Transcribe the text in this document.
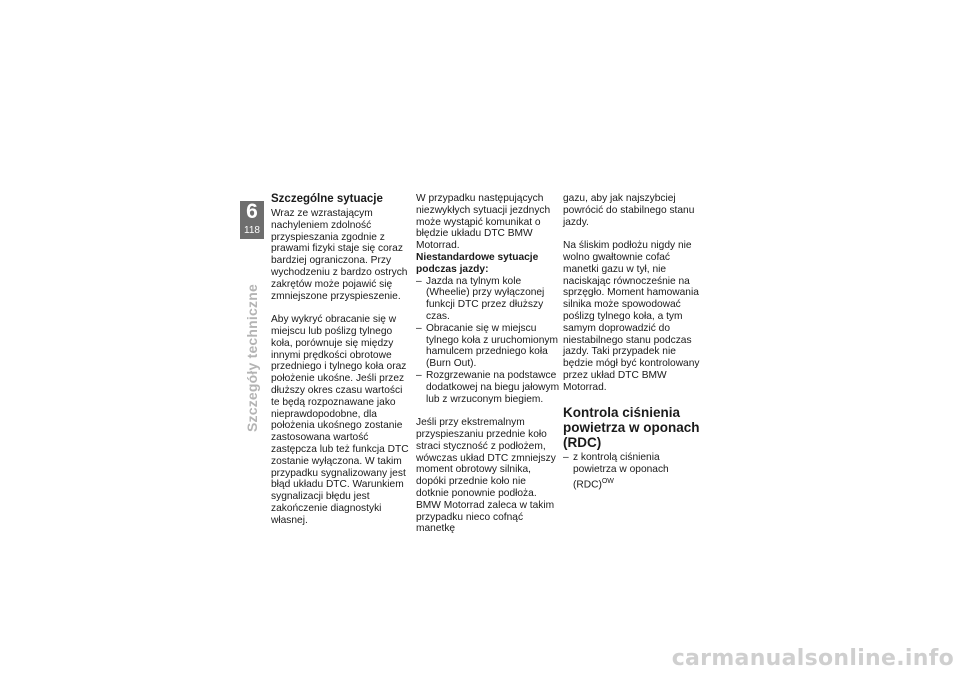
6
118
Szczegóły techniczne
Szczególne sytuacje

Wraz ze wzrastającym nachyleniem zdolność przyspieszania zgodnie z prawami fizyki staje się coraz bardziej ograniczona. Przy wychodzeniu z bardzo ostrych zakrętów może pojawić się zmniejszone przyspieszenie.

Aby wykryć obracanie się w miejscu lub poślizg tylnego koła, porównuje się między innymi prędkości obrotowe przedniego i tylnego koła oraz położenie ukośne. Jeśli przez dłuższy okres czasu wartości te będą rozpoznawane jako nieprawdopodobne, dla położenia ukośnego zostanie zastosowana wartość zastępcza lub też funkcja DTC zostanie wyłączona. W takim przypadku sygnalizowany jest błąd układu DTC. Warunkiem sygnalizacji błędu jest zakończenie diagnostyki własnej.

W przypadku następujących niezwykłych sytuacji jezdnych może wystąpić komunikat o błędzie układu DTC BMW Motorrad.

Niestandardowe sytuacje podczas jazdy:
– Jazda na tylnym kole (Wheelie) przy wyłączonej funkcji DTC przez dłuższy czas.
– Obracanie się w miejscu tylnego koła z uruchomionym hamulcem przedniego koła (Burn Out).
– Rozgrzewanie na podstawce dodatkowej na biegu jałowym lub z wrzuconym biegiem.

Jeśli przy ekstremalnym przyspieszaniu przednie koło straci styczność z podłożem, wówczas układ DTC zmniejszy moment obrotowy silnika, dopóki przednie koło nie dotknie ponownie podłoża.

BMW Motorrad zaleca w takim przypadku nieco cofnąć manetkę

gazu, aby jak najszybciej powrócić do stabilnego stanu jazdy.

Na śliskim podłożu nigdy nie wolno gwałtownie cofać manetki gazu w tył, nie naciskając równocześnie na sprzęgło. Moment hamowania silnika może spowodować poślizg tylnego koła, a tym samym doprowadzić do niestabilnego stanu podczas jazdy. Taki przypadek nie będzie mógł być kontrolowany przez układ DTC BMW Motorrad.

Kontrola ciśnienia powietrza w oponach (RDC)
– z kontrolą ciśnienia powietrza w oponach (RDC)$^{OW}$
carmanualsonline.info
